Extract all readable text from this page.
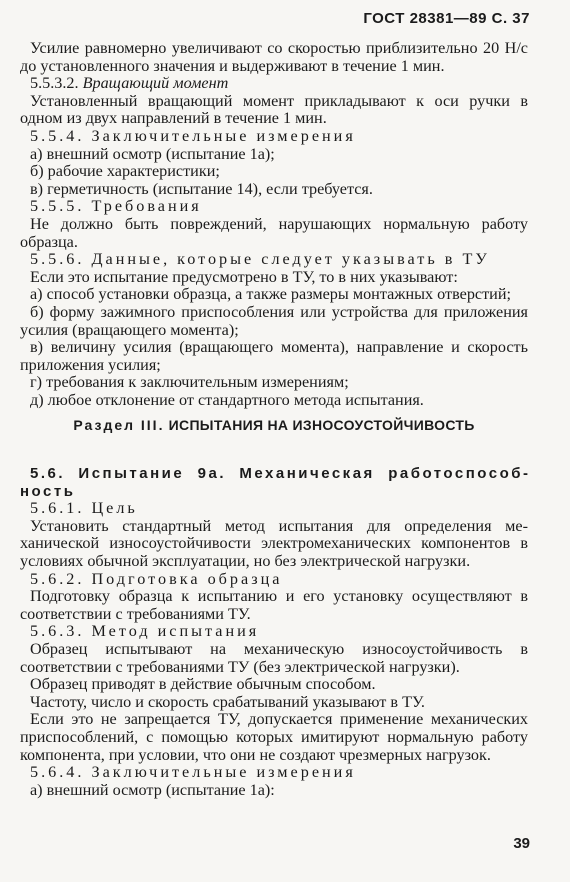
ГОСТ 28381—89 С. 37

Усилие равномерно увеличивают со скоростью приблизительно 20 Н/с до установленного значения и выдерживают в течение 1 мин.

5.5.3.2. Вращающий момент

Установленный вращающий момент прикладывают к оси ручки в одном из двух направлений в течение 1 мин.

5.5.4. Заключительные измерения

а) внешний осмотр (испытание 1а);

б) рабочие характеристики;

в) герметичность (испытание 14), если требуется.

5.5.5. Требования

Не должно быть повреждений, нарушающих нормальную работу образца.

5.5.6. Данные, которые следует указывать в ТУ

Если это испытание предусмотрено в ТУ, то в них указывают:

а) способ установки образца, а также размеры монтажных отверстий;

б) форму зажимного приспособления или устройства для приложения усилия (вращающего момента);

в) величину усилия (вращающего момента), направление и скорость приложения усилия;

г) требования к заключительным измерениям;

д) любое отклонение от стандартного метода испытания.

Раздел III. ИСПЫТАНИЯ НА ИЗНОСОУСТОЙЧИВОСТЬ

5.6. Испытание 9а. Механическая работоспособность

5.6.1. Цель

Установить стандартный метод испытания для определения механической износоустойчивости электромеханических компонентов в условиях обычной эксплуатации, но без электрической нагрузки.

5.6.2. Подготовка образца

Подготовку образца к испытанию и его установку осуществляют в соответствии с требованиями ТУ.

5.6.3. Метод испытания

Образец испытывают на механическую износоустойчивость в соответствии с требованиями ТУ (без электрической нагрузки).

Образец приводят в действие обычным способом.

Частоту, число и скорость срабатываний указывают в ТУ.

Если это не запрещается ТУ, допускается применение механических приспособлений, с помощью которых имитируют нормальную работу компонента, при условии, что они не создают чрезмерных нагрузок.

5.6.4. Заключительные измерения

а) внешний осмотр (испытание 1а):

39
